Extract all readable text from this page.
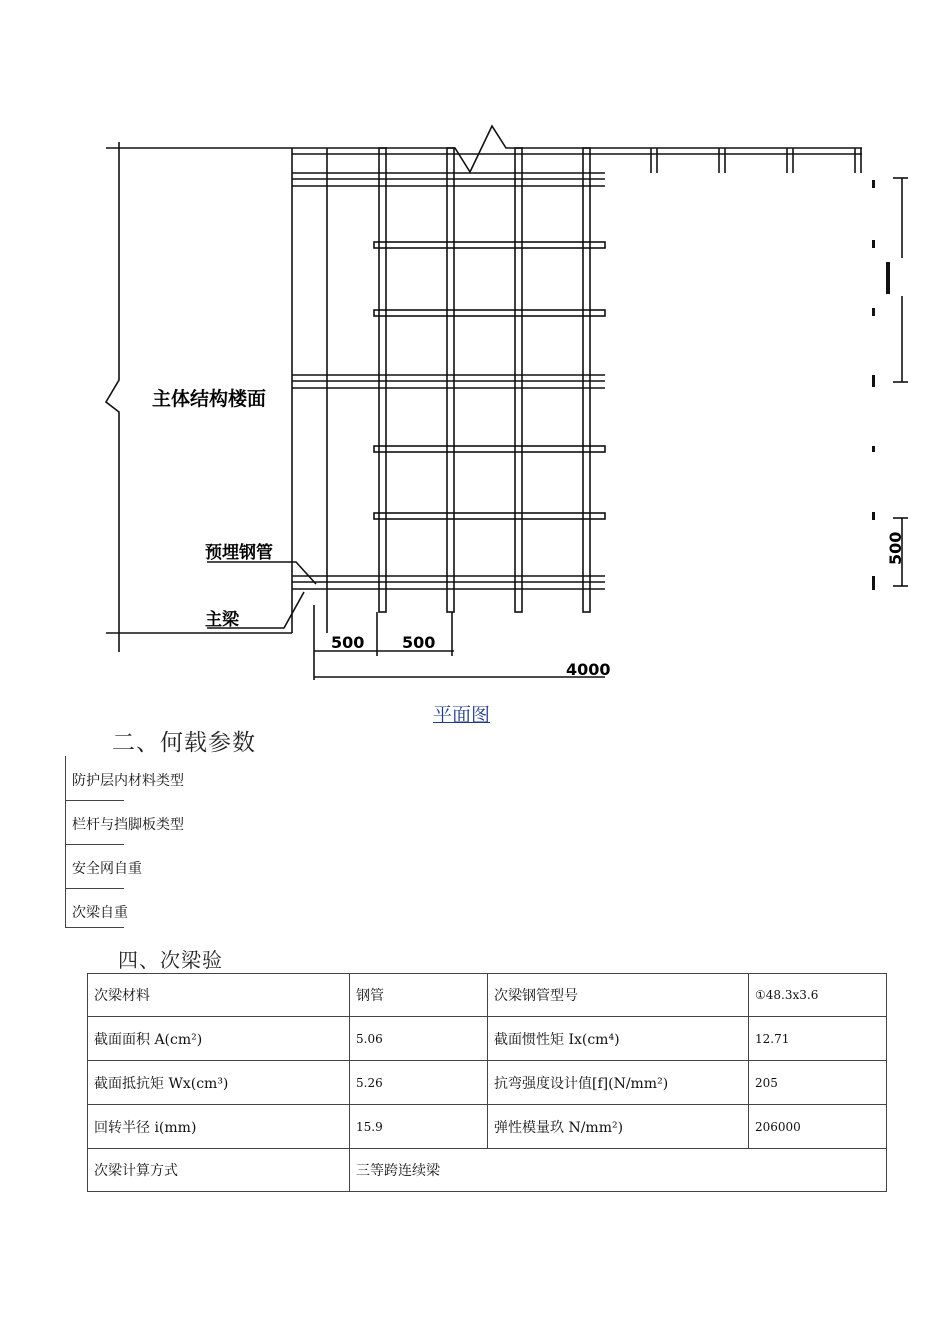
主体结构楼面
预埋钢管
主梁
500 500
4000
500
平面图
二、何载参数
防护层内材料类型
栏杆与挡脚板类型
安全网自重
次梁自重
四、次梁验
次梁材料	钢管	次梁钢管型号	①48.3x3.6
截面面积 A(cm²)	5.06	截面惯性矩 Ix(cm⁴)	12.71
截面抵抗矩 Wx(cm³)	5.26	抗弯强度设计值[f](N/mm²)	205
回转半径 i(mm)	15.9	弹性模量玖 N/mm²)	206000
次梁计算方式	三等跨连续梁		
